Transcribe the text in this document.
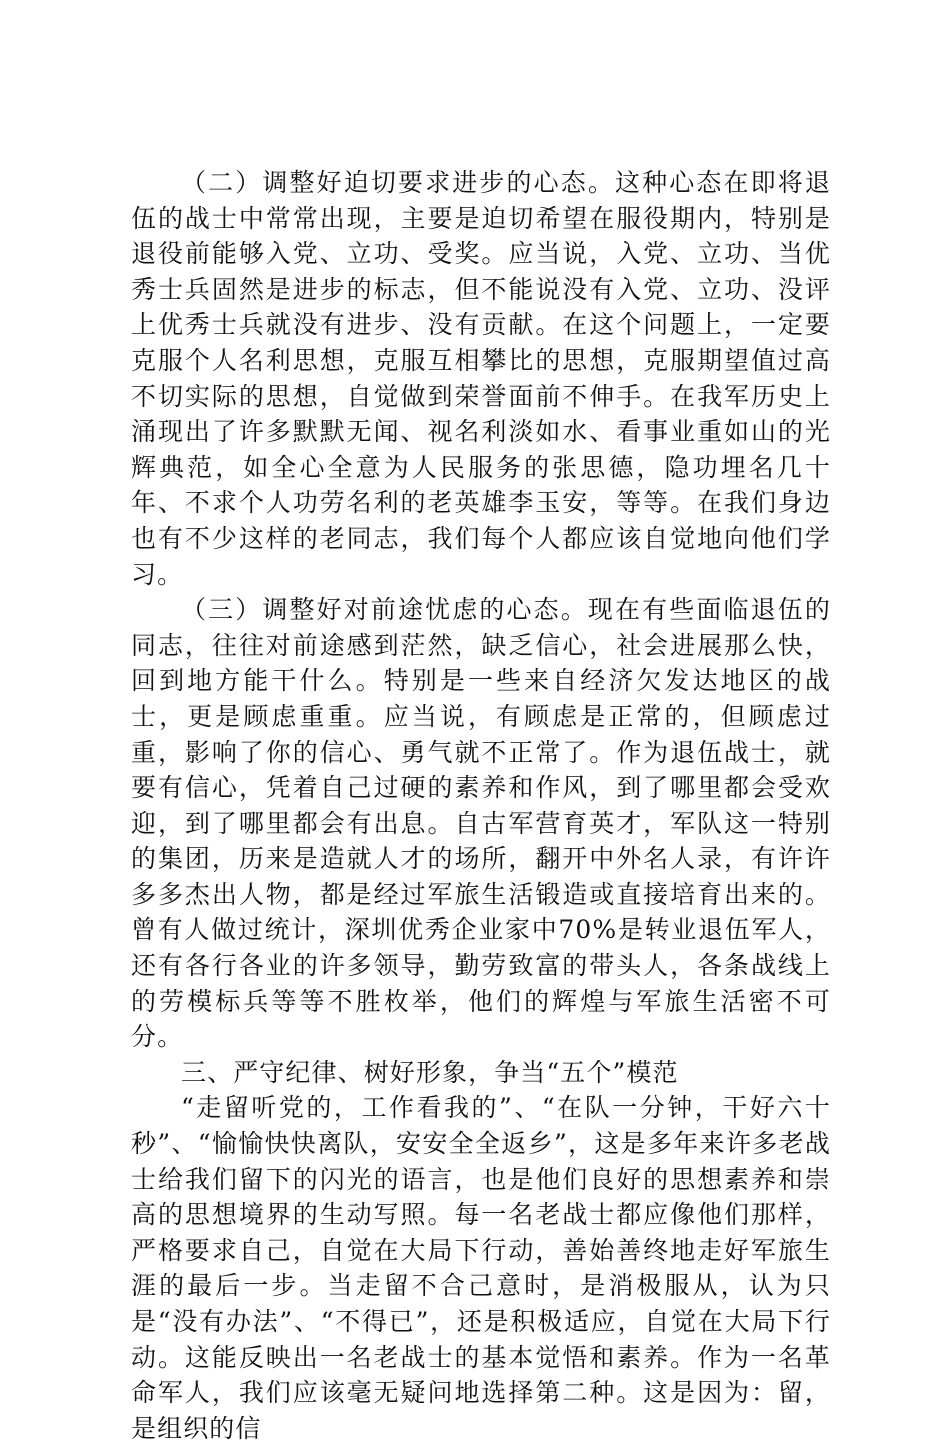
（二）调整好迫切要求进步的心态。这种心态在即将退伍的战士中常常出现，主要是迫切希望在服役期内，特别是退役前能够入党、立功、受奖。应当说，入党、立功、当优秀士兵固然是进步的标志，但不能说没有入党、立功、没评上优秀士兵就没有进步、没有贡献。在这个问题上，一定要克服个人名利思想，克服互相攀比的思想，克服期望值过高不切实际的思想，自觉做到荣誉面前不伸手。在我军历史上涌现出了许多默默无闻、视名利淡如水、看事业重如山的光辉典范，如全心全意为人民服务的张思德，隐功埋名几十年、不求个人功劳名利的老英雄李玉安，等等。在我们身边也有不少这样的老同志，我们每个人都应该自觉地向他们学习。

（三）调整好对前途忧虑的心态。现在有些面临退伍的同志，往往对前途感到茫然，缺乏信心，社会进展那么快，回到地方能干什么。特别是一些来自经济欠发达地区的战士，更是顾虑重重。应当说，有顾虑是正常的，但顾虑过重，影响了你的信心、勇气就不正常了。作为退伍战士，就要有信心，凭着自己过硬的素养和作风，到了哪里都会受欢迎，到了哪里都会有出息。自古军营育英才，军队这一特别的集团，历来是造就人才的场所，翻开中外名人录，有许许多多杰出人物，都是经过军旅生活锻造或直接培育出来的。曾有人做过统计，深圳优秀企业家中70%是转业退伍军人，还有各行各业的许多领导，勤劳致富的带头人，各条战线上的劳模标兵等等不胜枚举，他们的辉煌与军旅生活密不可分。

三、严守纪律、树好形象，争当“五个”模范

“走留听党的，工作看我的”、“在队一分钟，干好六十秒”、“愉愉快快离队，安安全全返乡”，这是多年来许多老战士给我们留下的闪光的语言，也是他们良好的思想素养和崇高的思想境界的生动写照。每一名老战士都应像他们那样，严格要求自己，自觉在大局下行动，善始善终地走好军旅生涯的最后一步。当走留不合己意时，是消极服从，认为只是“没有办法”、“不得已”，还是积极适应，自觉在大局下行动。这能反映出一名老战士的基本觉悟和素养。作为一名革命军人，我们应该毫无疑问地选择第二种。这是因为：留，是组织的信
